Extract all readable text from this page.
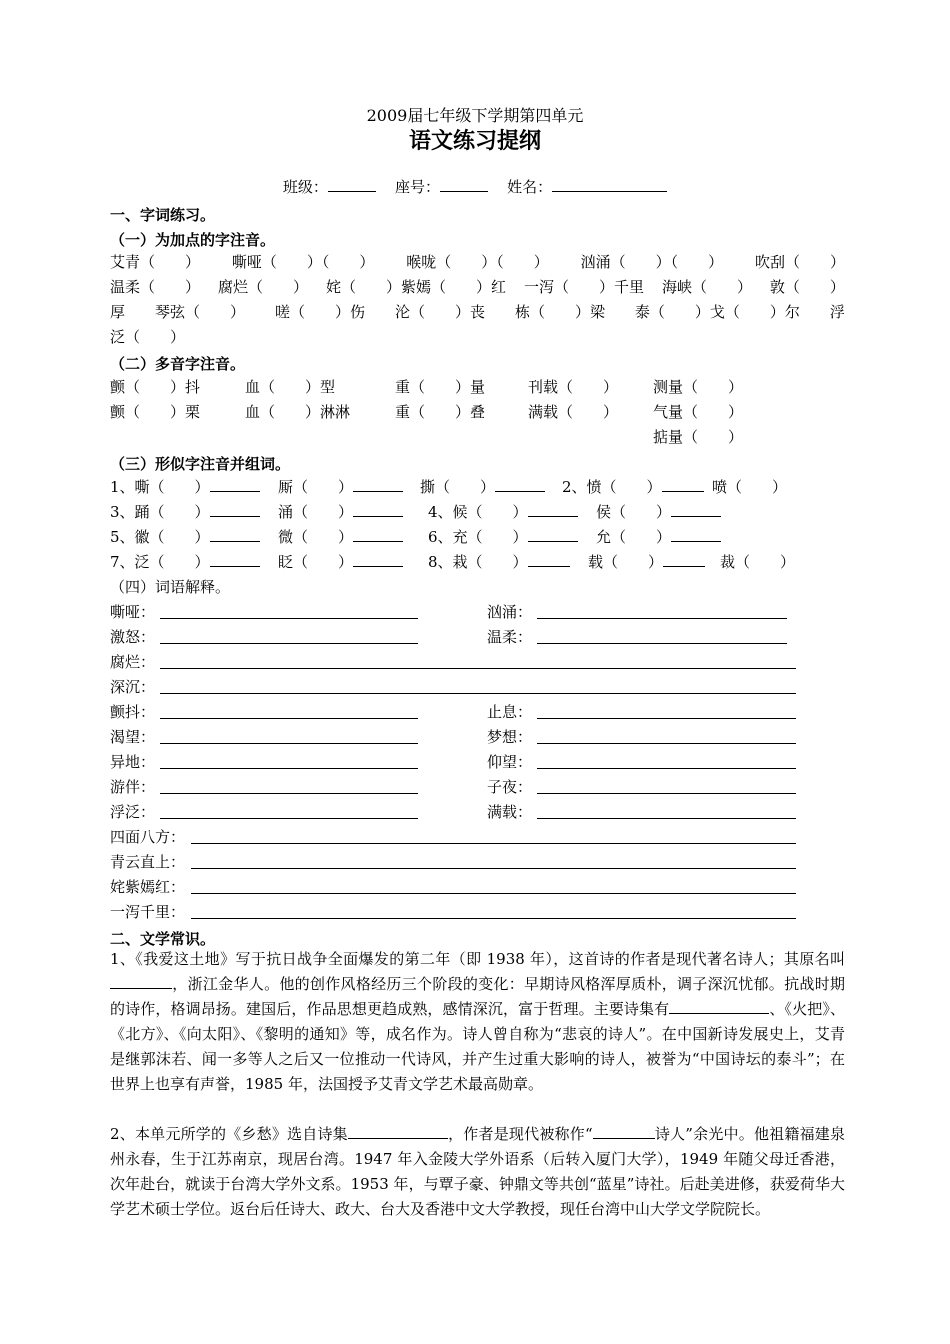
2009届七年级下学期第四单元
语文练习提纲
班级：	座号：	姓名：
一、字词练习。
（一）为加点的字注音。
艾青（　　） 嘶哑（　　）（　　） 喉咙（　　）（　　） 汹涌（　　）（　　） 吹刮（　　）
温柔（　　） 腐烂（　　） 姹（　　）紫嫣（　　）红 一泻（　　）千里 海峡（　　） 敦（　　）
厚 琴弦（　　） 嗟（　　）伤 沦（　　）丧 栋（　　）梁 泰（　　）戈（　　）尔 浮
泛（　　）
（二）多音字注音。
颤（　　）抖	血（　　）型	重（　　）量	刊载（　　） 测量（　　）
颤（　　）栗	血（　　）淋淋	重（　　）叠	满载（　　） 气量（　　）
掂量（　　）
（三）形似字注音并组词。
1、嘶（　　）	厮（　　）	撕（　　）	2、愤（　　）	喷（　　）
3、踊（　　）	涌（　　）	4、候（　　）	侯（　　）
5、徽（　　）	微（　　）	6、充（　　）	允（　　）
7、泛（　　）	眨（　　）	8、栽（　　）	载（　　）	裁（　　）
（四）词语解释。
嘶哑：	汹涌：
激怒：	温柔：
腐烂：
深沉：
颤抖：	止息：
渴望：	梦想：
异地：	仰望：
游伴：	子夜：
浮泛：	满载：
四面八方：
青云直上：
姹紫嫣红：
一泻千里：
二、文学常识。
1、《我爱这土地》写于抗日战争全面爆发的第二年（即 1938 年），这首诗的作者是现代著名诗人；其原名叫，浙江金华人。他的创作风格经历三个阶段的变化：早期诗风格浑厚质朴，调子深沉忧郁。抗战时期的诗作，格调昂扬。建国后，作品思想更趋成熟，感情深沉，富于哲理。主要诗集有	、《火把》、《北方》、《向太阳》、《黎明的通知》等，成名作为。诗人曾自称为“悲哀的诗人”。在中国新诗发展史上，艾青是继郭沫若、闻一多等人之后又一位推动一代诗风，并产生过重大影响的诗人，被誉为“中国诗坛的泰斗”；在世界上也享有声誉，1985 年，法国授予艾青文学艺术最高勋章。
2、本单元所学的《乡愁》选自诗集	，作者是现代被称作“	诗人”余光中。他祖籍福建泉州永春，生于江苏南京，现居台湾。1947 年入金陵大学外语系（后转入厦门大学），1949 年随父母迁香港，次年赴台，就读于台湾大学外文系。1953 年，与覃子豪、钟鼎文等共创“蓝星”诗社。后赴美进修，获爱荷华大学艺术硕士学位。返台后任诗大、政大、台大及香港中文大学教授，现任台湾中山大学文学院院长。
